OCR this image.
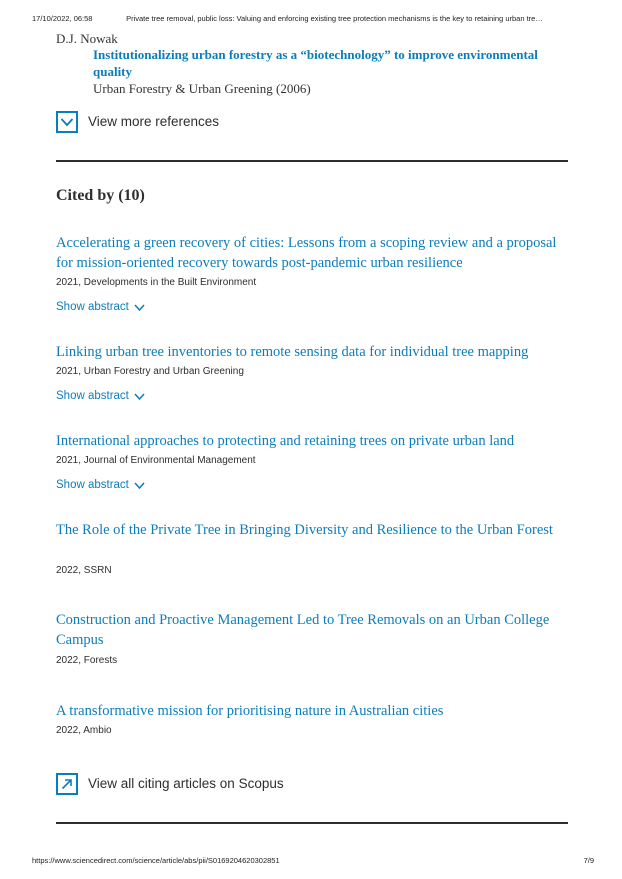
17/10/2022, 06:58	Private tree removal, public loss: Valuing and enforcing existing tree protection mechanisms is the key to retaining urban tre…
D.J. Nowak
Institutionalizing urban forestry as a “biotechnology” to improve environmental quality
Urban Forestry & Urban Greening (2006)
View more references
Cited by (10)
Accelerating a green recovery of cities: Lessons from a scoping review and a proposal for mission-oriented recovery towards post-pandemic urban resilience
2021, Developments in the Built Environment
Show abstract
Linking urban tree inventories to remote sensing data for individual tree mapping
2021, Urban Forestry and Urban Greening
Show abstract
International approaches to protecting and retaining trees on private urban land
2021, Journal of Environmental Management
Show abstract
The Role of the Private Tree in Bringing Diversity and Resilience to the Urban Forest
2022, SSRN
Construction and Proactive Management Led to Tree Removals on an Urban College Campus
2022, Forests
A transformative mission for prioritising nature in Australian cities
2022, Ambio
View all citing articles on Scopus
https://www.sciencedirect.com/science/article/abs/pii/S0169204620302851	7/9
